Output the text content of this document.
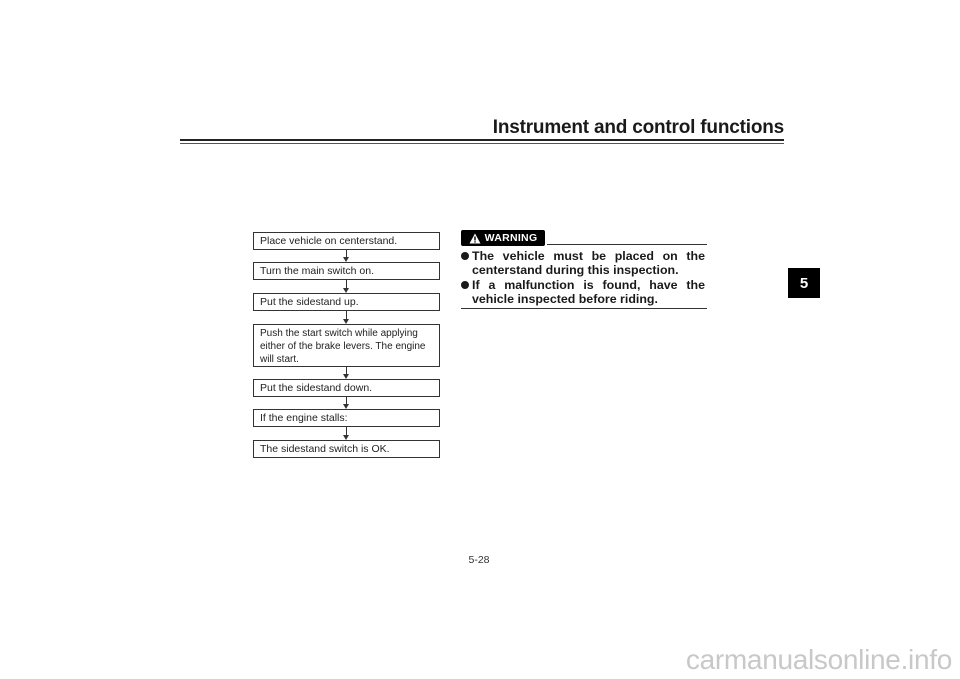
Instrument and control functions
5
Place vehicle on centerstand.
Turn the main switch on.
Put the sidestand up.
Push the start switch while applying either of the brake levers. The engine will start.
Put the sidestand down.
If the engine stalls:
The sidestand switch is OK.
WARNING
The vehicle must be placed on the centerstand during this inspection.
If a malfunction is found, have the vehicle inspected before riding.
5-28
carmanualsonline.info
